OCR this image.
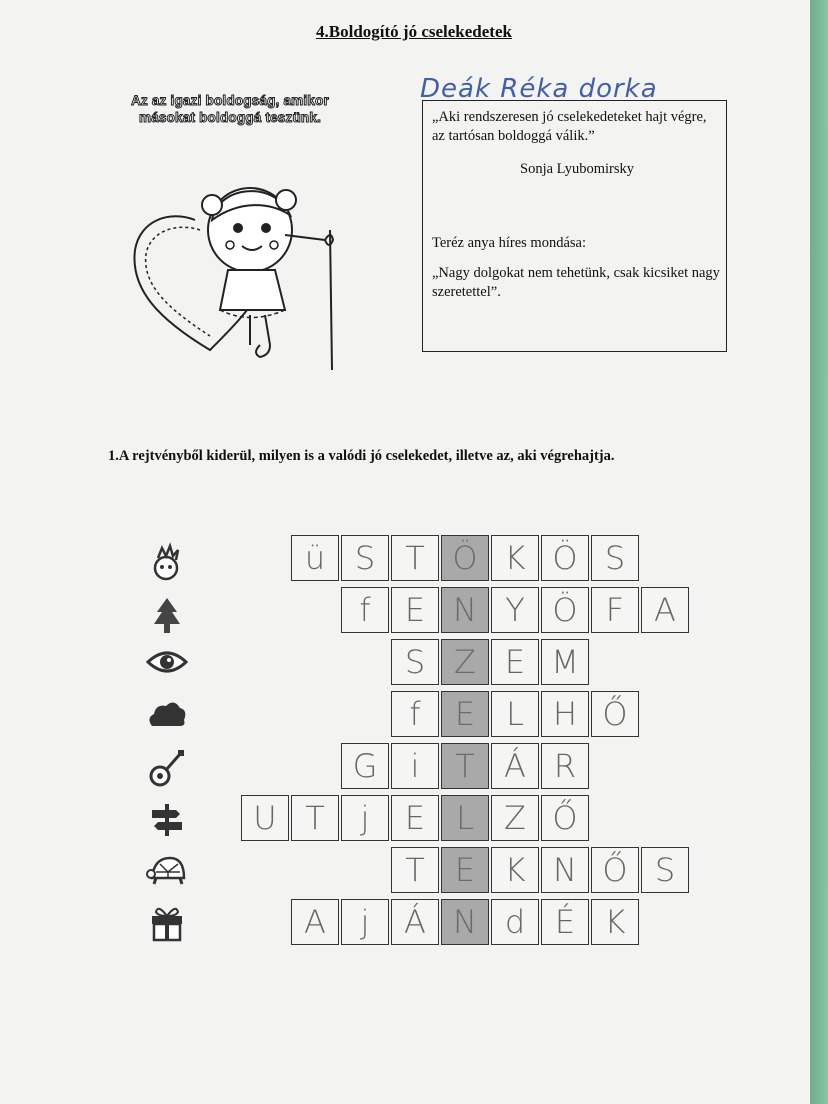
4.Boldogító jó cselekedetek
Az az igazi boldogság, amikor
másokat boldoggá teszünk.
Deák Réka dorka
„Aki rendszeresen jó cselekedeteket hajt végre, az tartósan boldoggá válik.”
Sonja Lyubomirsky
Teréz anya híres mondása:
„Nagy dolgokat nem tehetünk, csak kicsiket nagy szeretettel”.
1.A rejtvényből kiderül, milyen is a valódi jó cselekedet, illetve az, aki végrehajtja.
ü S T Ö K Ö S
f	E N Y Ö F A
S Z E M
f	E L H Ő
G	i	T Á R
U T	j	E L Z Ő
T E K N Ő S
A	j	Á N d É K
